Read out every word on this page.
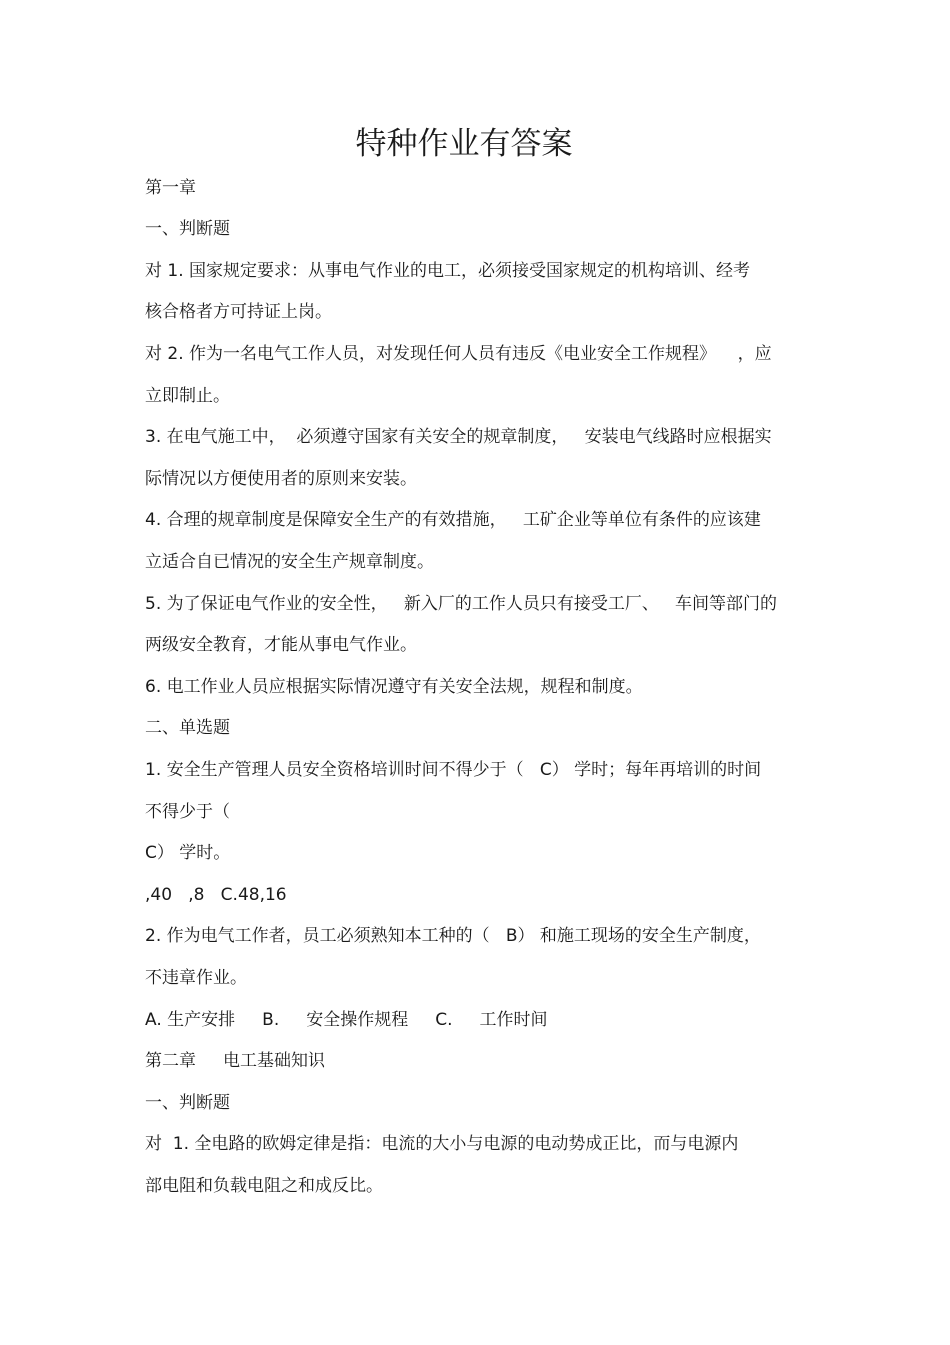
特种作业有答案

第一章

一、判断题

对 1. 国家规定要求：从事电气作业的电工，必须接受国家规定的机构培训、经考

核合格者方可持证上岗。

对 2. 作为一名电气工作人员，对发现任何人员有违反《电业安全工作规程》    ，应

立即制止。

3. 在电气施工中，  必须遵守国家有关安全的规章制度，   安装电气线路时应根据实

际情况以方便使用者的原则来安装。

4. 合理的规章制度是保障安全生产的有效措施，   工矿企业等单位有条件的应该建

立适合自已情况的安全生产规章制度。

5. 为了保证电气作业的安全性，   新入厂的工作人员只有接受工厂、   车间等部门的

两级安全教育，才能从事电气作业。

6. 电工作业人员应根据实际情况遵守有关安全法规，规程和制度。

二、单选题

1. 安全生产管理人员安全资格培训时间不得少于（   C） 学时；每年再培训的时间

不得少于（

C） 学时。

,40   ,8   C.48,16

2. 作为电气工作者，员工必须熟知本工种的（   B） 和施工现场的安全生产制度，

不违章作业。

A. 生产安排     B.     安全操作规程     C.     工作时间

第二章     电工基础知识

一、判断题

对  1. 全电路的欧姆定律是指：电流的大小与电源的电动势成正比，而与电源内

部电阻和负载电阻之和成反比。
